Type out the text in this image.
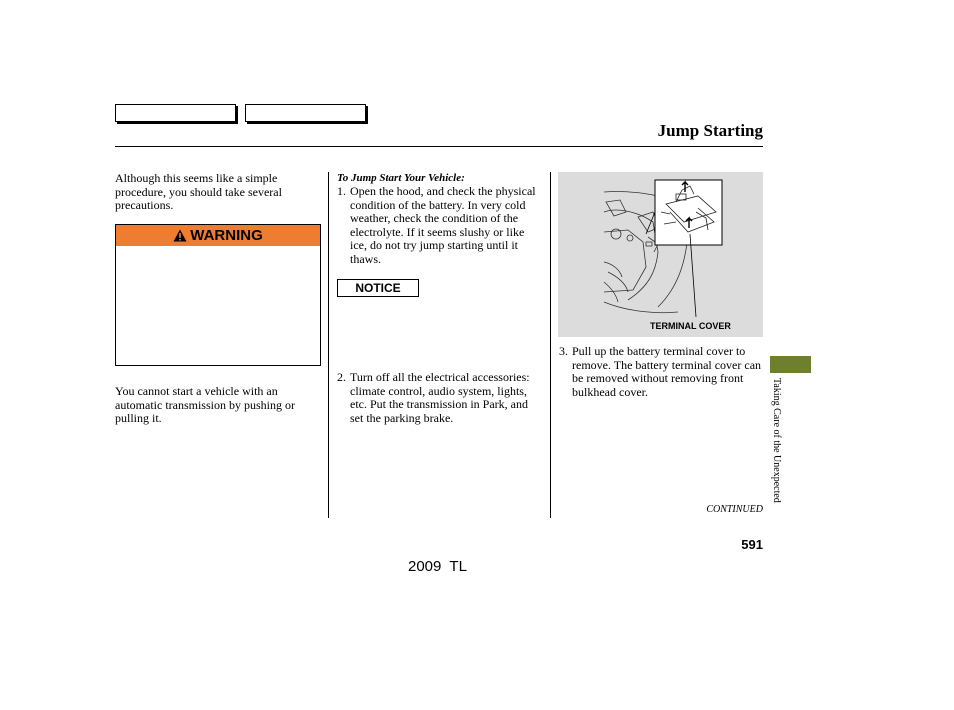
Jump Starting
Although this seems like a simple procedure, you should take several precautions.
WARNING
You cannot start a vehicle with an automatic transmission by pushing or pulling it.
To Jump Start Your Vehicle:
1. Open the hood, and check the physical condition of the battery. In very cold weather, check the condition of the electrolyte. If it seems slushy or like ice, do not try jump starting until it thaws.
NOTICE
2. Turn off all the electrical accessories: climate control, audio system, lights, etc. Put the transmission in Park, and set the parking brake.
TERMINAL COVER
3. Pull up the battery terminal cover to remove. The battery terminal cover can be removed without removing front bulkhead cover.	Taking Care of the Unexpected
CONTINUED
591
2009  TL
